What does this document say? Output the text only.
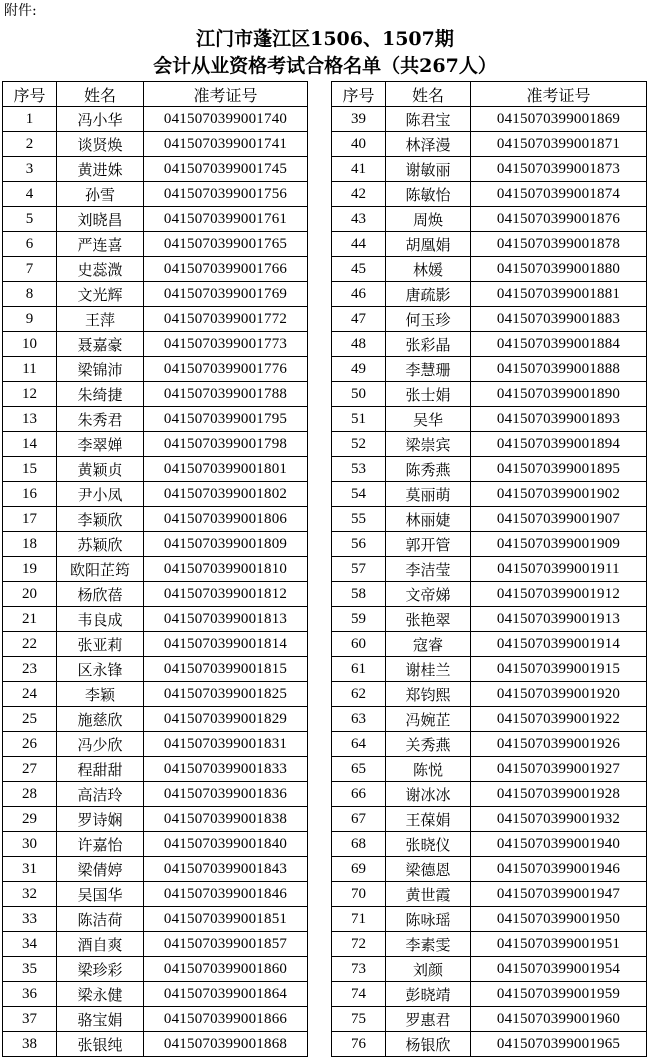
附件:
江门市蓬江区1506、1507期
会计从业资格考试合格名单（共267人）
序号	姓名	准考证号
1	冯小华	0415070399001740
2	谈贤焕	0415070399001741
3	黄进姝	0415070399001745
4	孙雪	0415070399001756
5	刘晓昌	0415070399001761
6	严连喜	0415070399001765
7	史蕊溦	0415070399001766
8	文光辉	0415070399001769
9	王萍	0415070399001772
10	聂嘉豪	0415070399001773
11	梁锦沛	0415070399001776
12	朱绮捷	0415070399001788
13	朱秀君	0415070399001795
14	李翠婵	0415070399001798
15	黄颖贞	0415070399001801
16	尹小凤	0415070399001802
17	李颖欣	0415070399001806
18	苏颖欣	0415070399001809
19	欧阳芷筠	0415070399001810
20	杨欣蓓	0415070399001812
21	韦良成	0415070399001813
22	张亚莉	0415070399001814
23	区永锋	0415070399001815
24	李颖	0415070399001825
25	施慈欣	0415070399001829
26	冯少欣	0415070399001831
27	程甜甜	0415070399001833
28	高洁玲	0415070399001836
29	罗诗娴	0415070399001838
30	许嘉怡	0415070399001840
31	梁倩婷	0415070399001843
32	吴国华	0415070399001846
33	陈洁荷	0415070399001851
34	酒自爽	0415070399001857
35	梁珍彩	0415070399001860
36	梁永健	0415070399001864
37	骆宝娟	0415070399001866
38	张银纯	0415070399001868
序号	姓名	准考证号
39	陈君宝	0415070399001869
40	林泽漫	0415070399001871
41	谢敏丽	0415070399001873
42	陈敏怡	0415070399001874
43	周焕	0415070399001876
44	胡凰娟	0415070399001878
45	林媛	0415070399001880
46	唐疏影	0415070399001881
47	何玉珍	0415070399001883
48	张彩晶	0415070399001884
49	李慧珊	0415070399001888
50	张士娟	0415070399001890
51	吴华	0415070399001893
52	梁崇宾	0415070399001894
53	陈秀燕	0415070399001895
54	莫丽萌	0415070399001902
55	林丽婕	0415070399001907
56	郭开管	0415070399001909
57	李洁莹	0415070399001911
58	文帝娣	0415070399001912
59	张艳翠	0415070399001913
60	寇睿	0415070399001914
61	谢桂兰	0415070399001915
62	郑钧熙	0415070399001920
63	冯婉芷	0415070399001922
64	关秀燕	0415070399001926
65	陈悦	0415070399001927
66	谢冰冰	0415070399001928
67	王葆娟	0415070399001932
68	张晓仪	0415070399001940
69	梁德恩	0415070399001946
70	黄世霞	0415070399001947
71	陈咏瑶	0415070399001950
72	李素雯	0415070399001951
73	刘颜	0415070399001954
74	彭晓靖	0415070399001959
75	罗惠君	0415070399001960
76	杨银欣	0415070399001965
